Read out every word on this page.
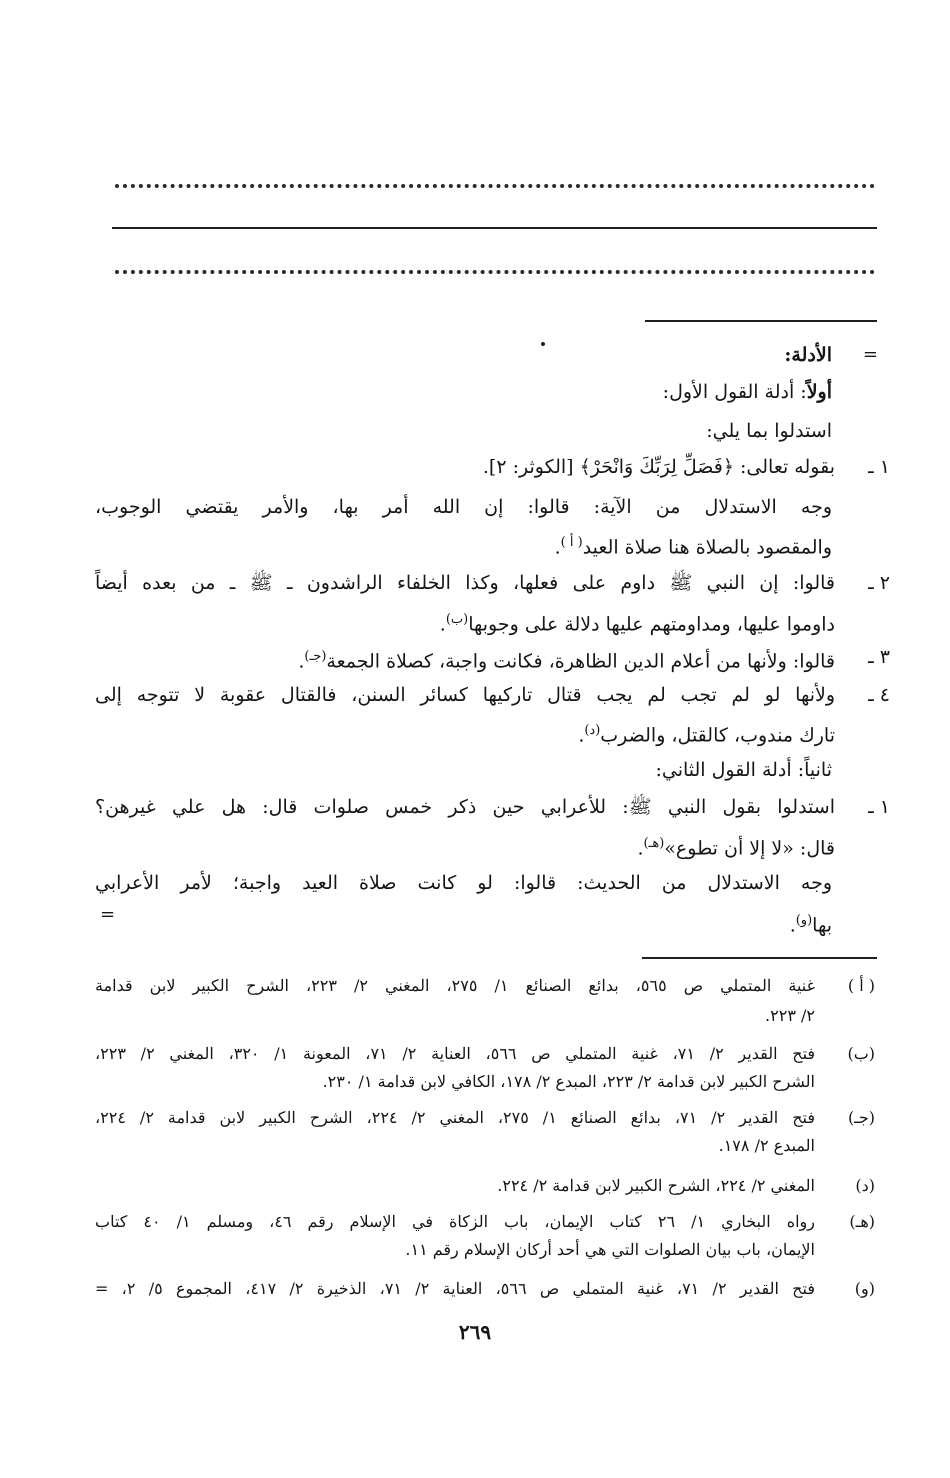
=
الأدلة:
أولاً: أدلة القول الأول:
استدلوا بما يلي:
١ ـ
بقوله تعالى: ﴿فَصَلِّ لِرَبِّكَ وَانْحَرْ﴾ [الكوثر: ٢].
وجه الاستدلال من الآية: قالوا: إن الله أمر بها، والأمر يقتضي الوجوب،
والمقصود بالصلاة هنا صلاة العيد$^{( أ )}$.
٢ ـ
قالوا: إن النبي ﷺ داوم على فعلها، وكذا الخلفاء الراشدون ـ ﷺ ـ من بعده أيضاً
داوموا عليها، ومداومتهم عليها دلالة على وجوبها$^{(ب)}$.
٣ ـ
قالوا: ولأنها من أعلام الدين الظاهرة، فكانت واجبة، كصلاة الجمعة$^{(جـ)}$.
٤ ـ
ولأنها لو لم تجب لم يجب قتال تاركيها كسائر السنن، فالقتال عقوبة لا تتوجه إلى
تارك مندوب، كالقتل، والضرب$^{(د)}$.
ثانياً: أدلة القول الثاني:
١ ـ
استدلوا بقول النبي ﷺ: للأعرابي حين ذكر خمس صلوات قال: هل علي غيرهن؟
قال: «لا إلا أن تطوع»$^{(هـ)}$.
وجه الاستدلال من الحديث: قالوا: لو كانت صلاة العيد واجبة؛ لأمر الأعرابي
بها$^{(و)}$.
=
( أ )
غنية المتملي ص ٥٦٥، بدائع الصنائع ١/ ٢٧٥، المغني ٢/ ٢٢٣، الشرح الكبير لابن قدامة
٢/ ٢٢٣.
(ب)
فتح القدير ٢/ ٧١، غنية المتملي ص ٥٦٦، العناية ٢/ ٧١، المعونة ١/ ٣٢٠، المغني ٢/ ٢٢٣،
الشرح الكبير لابن قدامة ٢/ ٢٢٣، المبدع ٢/ ١٧٨، الكافي لابن قدامة ١/ ٢٣٠.
(جـ)
فتح القدير ٢/ ٧١، بدائع الصنائع ١/ ٢٧٥، المغني ٢/ ٢٢٤، الشرح الكبير لابن قدامة ٢/ ٢٢٤،
المبدع ٢/ ١٧٨.
(د)
المغني ٢/ ٢٢٤، الشرح الكبير لابن قدامة ٢/ ٢٢٤.
(هـ)
رواه البخاري ١/ ٢٦ كتاب الإيمان، باب الزكاة في الإسلام رقم ٤٦، ومسلم ١/ ٤٠ كتاب
الإيمان، باب بيان الصلوات التي هي أحد أركان الإسلام رقم ١١.
(و)
فتح القدير ٢/ ٧١، غنية المتملي ص ٥٦٦، العناية ٢/ ٧١، الذخيرة ٢/ ٤١٧، المجموع ٥/ ٢، =
٢٦٩
